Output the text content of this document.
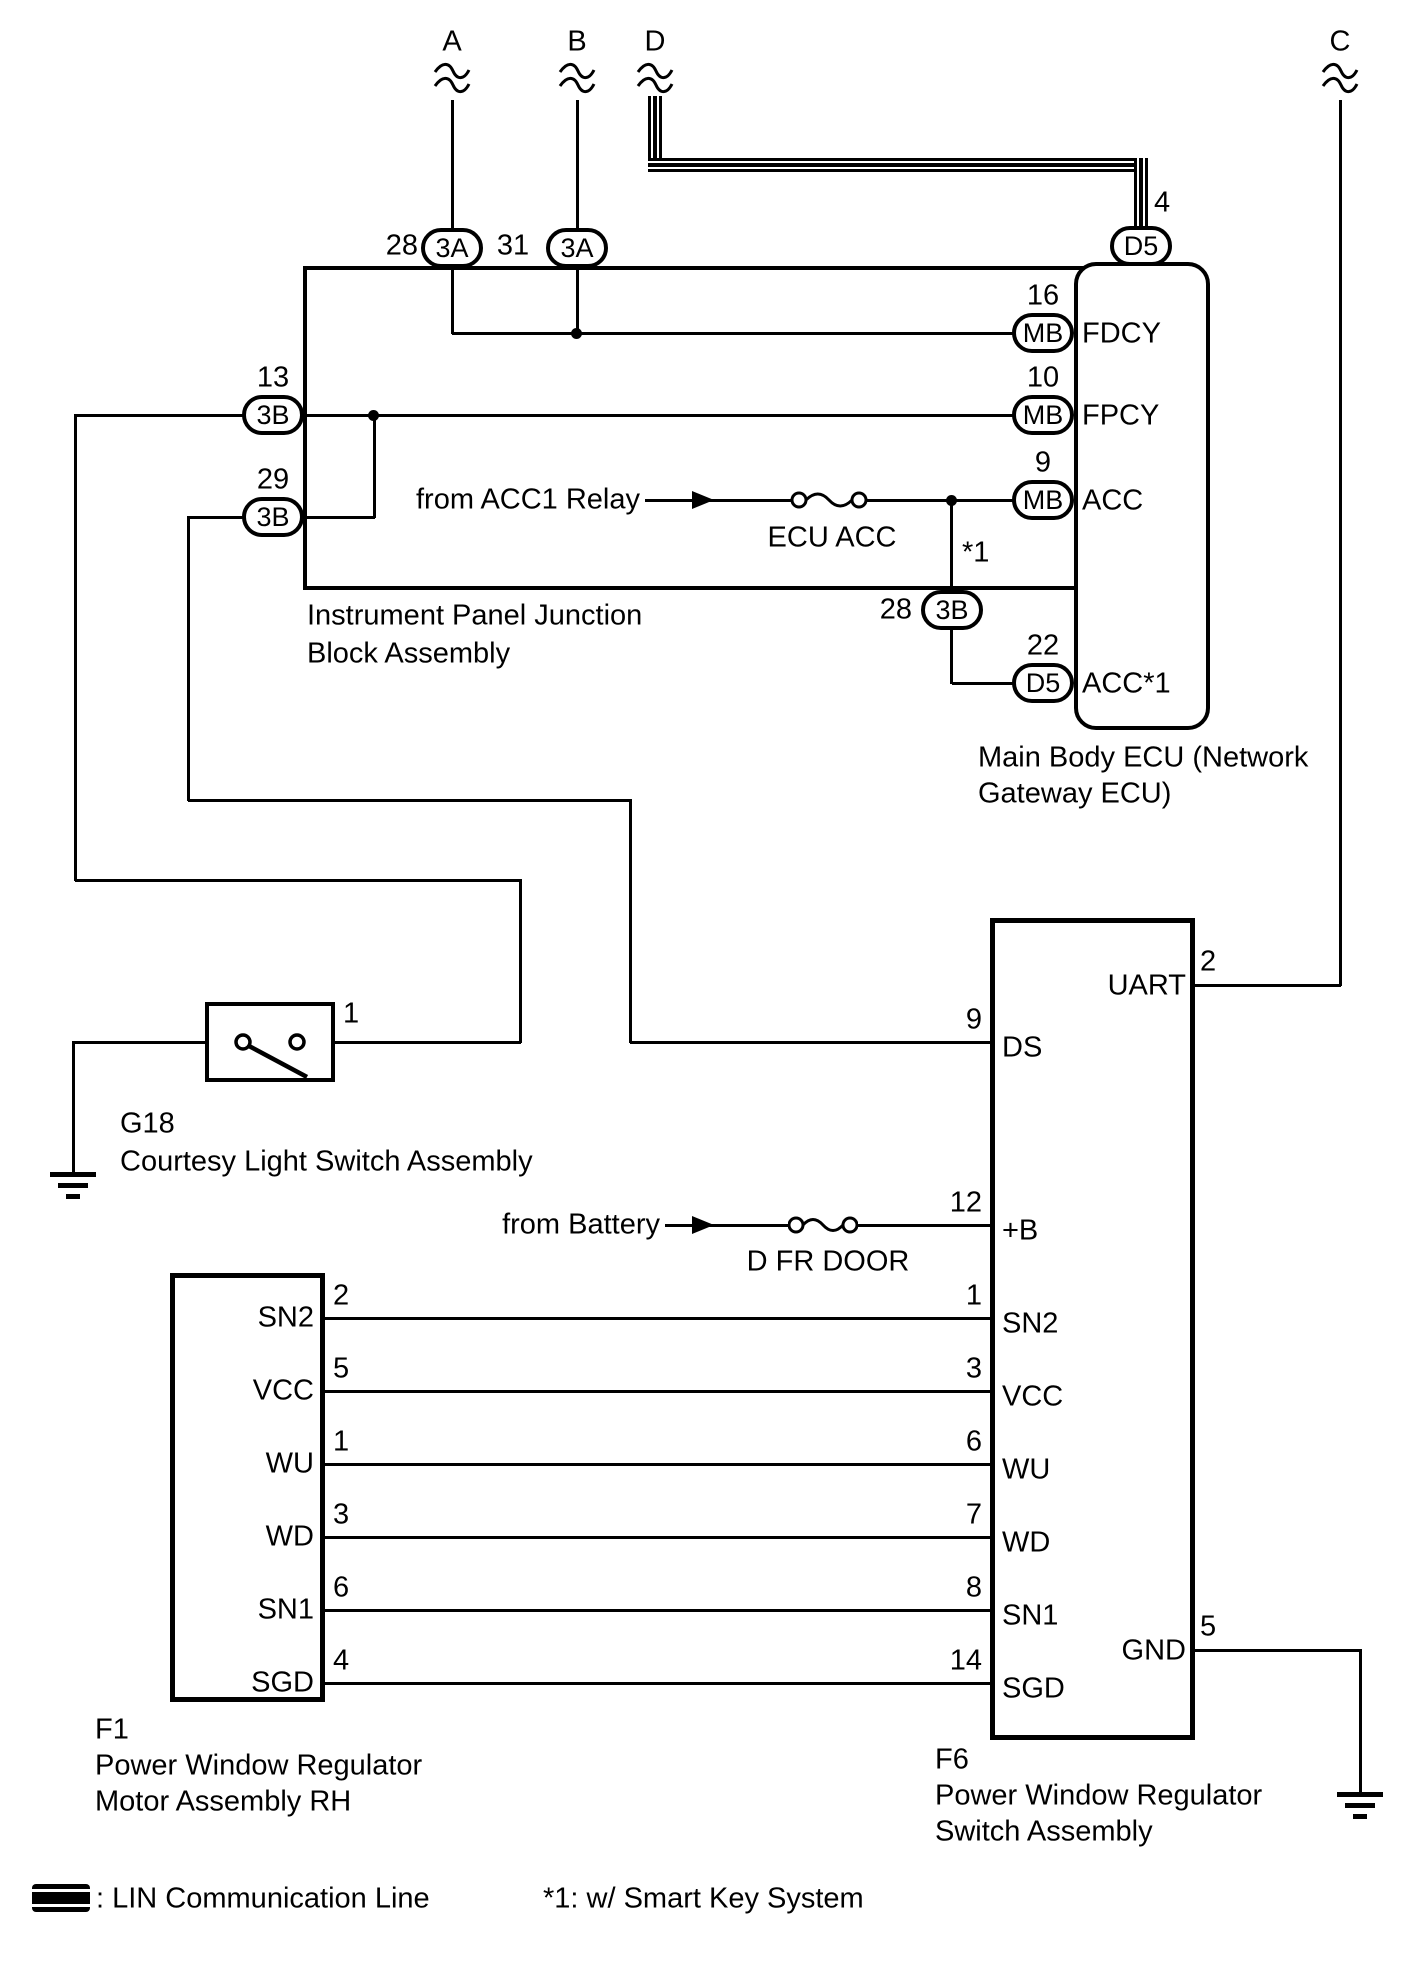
A	B D	C
Instrument Panel Junction
Block Assembly
Main Body ECU (Network
Gateway ECU)
28 3A 31 3A
4
D5
16
MB FDCY
10
MB FPCY
9
MB ACC
22
D5 ACC*1
13
3B
29
3B
28 3B
from ACC1 Relay
ECU ACC *1
1
G18
Courtesy Light Switch Assembly
from Battery
D FR DOOR
UART
2
GND
5
9
DS
12
+B
1
SN2
3
VCC
6
WU
7
WD
8
SN1
14
SGD
F6
Power Window Regulator
Switch Assembly
SN2
2
VCC
5
WU
1
WD
3
SN1
6
SGD
4
F1
Power Window Regulator
Motor Assembly RH
: LIN Communication Line	*1: w/ Smart Key System
